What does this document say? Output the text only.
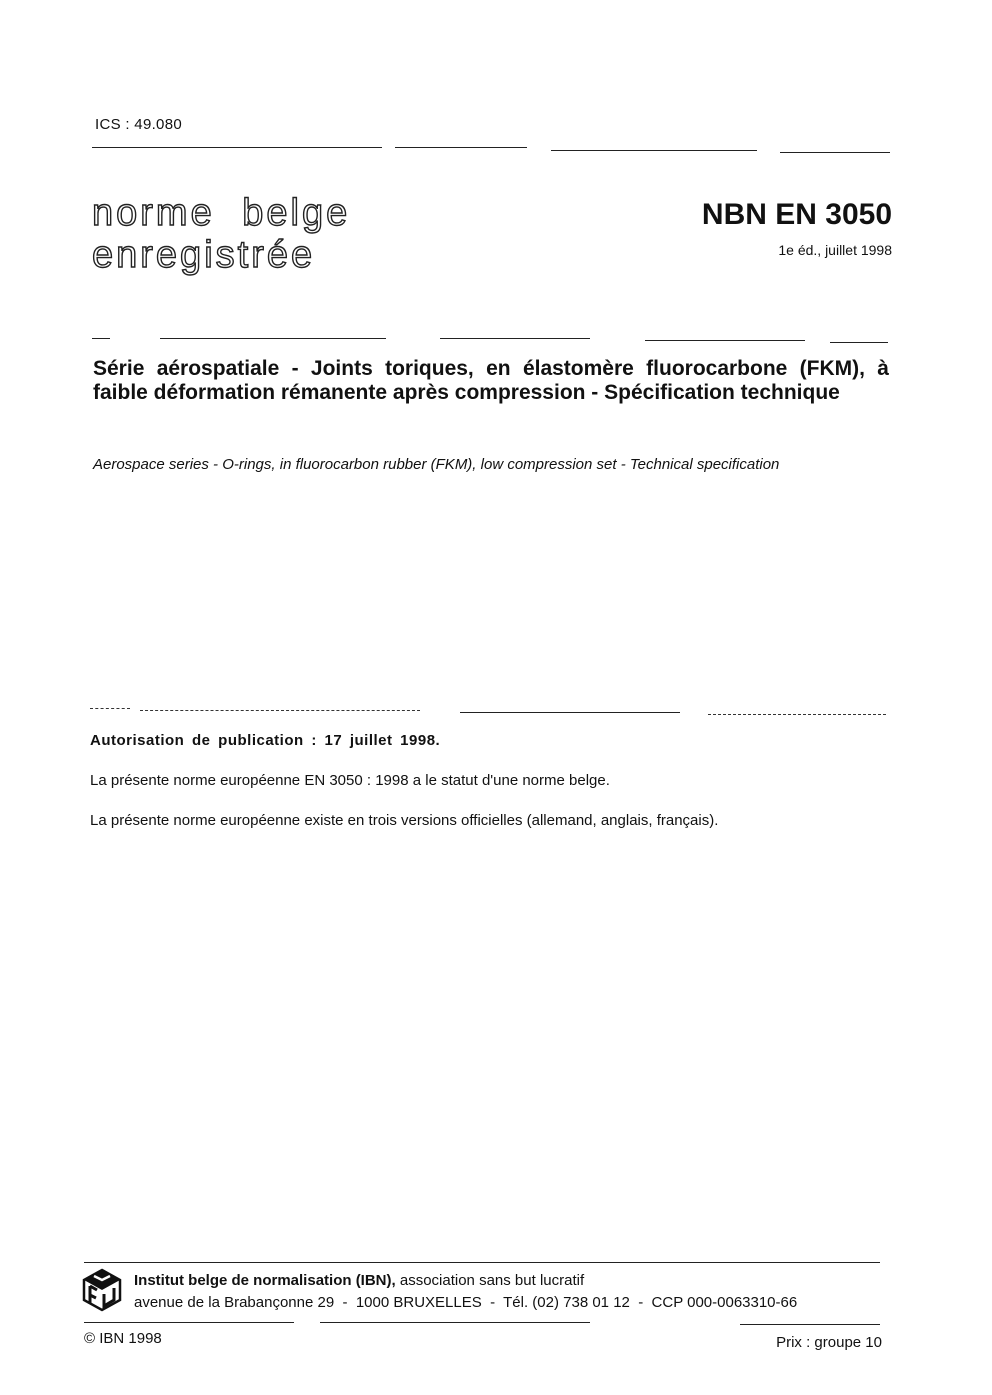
ICS : 49.080
norme belge
enregistrée
NBN EN 3050
1e éd., juillet 1998
Série aérospatiale - Joints toriques, en élastomère fluorocarbone (FKM), à faible déformation rémanente après compression - Spécification technique
Aerospace series - O-rings, in fluorocarbon rubber (FKM), low compression set - Technical specification
Autorisation de publication : 17 juillet 1998.
La présente norme européenne EN 3050 : 1998 a le statut d'une norme belge.
La présente norme européenne existe en trois versions officielles (allemand, anglais, français).
Institut belge de normalisation (IBN), association sans but lucratif
avenue de la Brabançonne 29  -  1000 BRUXELLES  -  Tél. (02) 738 01 12  -  CCP 000-0063310-66
© IBN 1998	Prix : groupe 10
